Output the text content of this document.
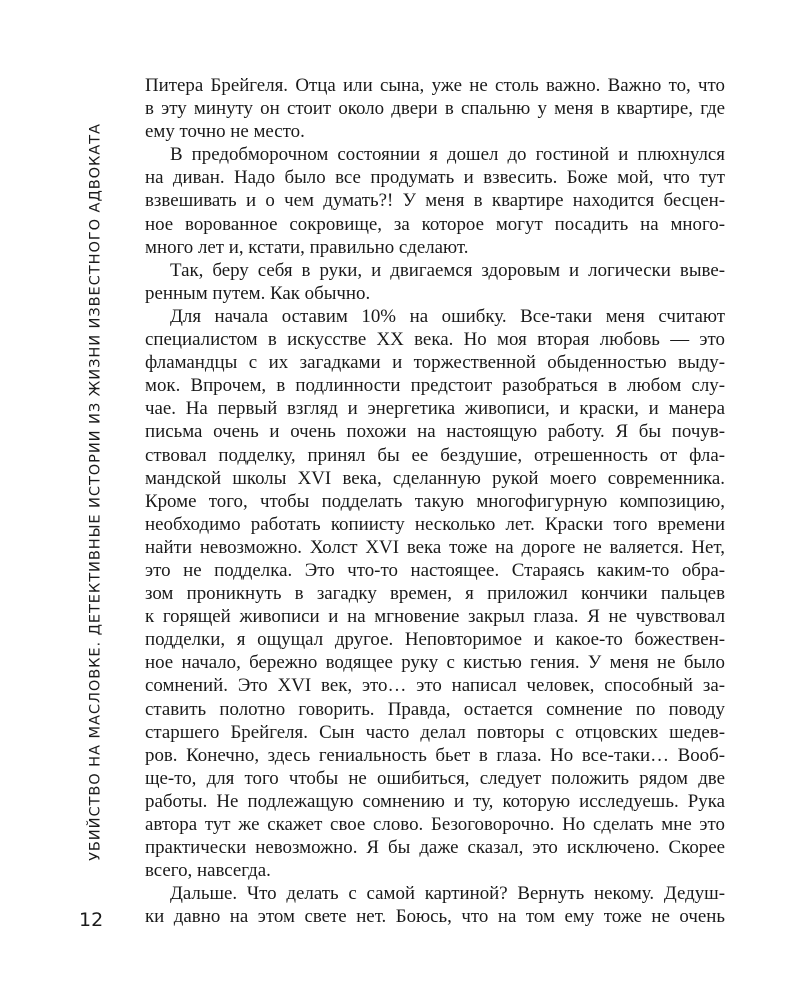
УБИЙСТВО НА МАСЛОВКЕ. ДЕТЕКТИВНЫЕ ИСТОРИИ ИЗ ЖИЗНИ ИЗВЕСТНОГО АДВОКАТА
12
Питера Брейгеля. Отца или сына, уже не столь важно. Важно то, что
в эту минуту он стоит около двери в спальню у меня в квартире, где
ему точно не место.
В предобморочном состоянии я дошел до гостиной и плюхнулся
на диван. Надо было все продумать и взвесить. Боже мой, что тут
взвешивать и о чем думать?! У меня в квартире находится бесцен-
ное ворованное сокровище, за которое могут посадить на много-
много лет и, кстати, правильно сделают.
Так, беру себя в руки, и двигаемся здоровым и логически выве-
ренным путем. Как обычно.
Для начала оставим 10% на ошибку. Все-таки меня считают
специалистом в искусстве XX века. Но моя вторая любовь — это
фламандцы с их загадками и торжественной обыденностью выду-
мок. Впрочем, в подлинности предстоит разобраться в любом слу-
чае. На первый взгляд и энергетика живописи, и краски, и манера
письма очень и очень похожи на настоящую работу. Я бы почув-
ствовал подделку, принял бы ее бездушие, отрешенность от фла-
мандской школы XVI века, сделанную рукой моего современника.
Кроме того, чтобы подделать такую многофигурную композицию,
необходимо работать копиисту несколько лет. Краски того времени
найти невозможно. Холст XVI века тоже на дороге не валяется. Нет,
это не подделка. Это что-то настоящее. Стараясь каким-то обра-
зом проникнуть в загадку времен, я приложил кончики пальцев
к горящей живописи и на мгновение закрыл глаза. Я не чувствовал
подделки, я ощущал другое. Неповторимое и какое-то божествен-
ное начало, бережно водящее руку с кистью гения. У меня не было
сомнений. Это XVI век, это… это написал человек, способный за-
ставить полотно говорить. Правда, остается сомнение по поводу
старшего Брейгеля. Сын часто делал повторы с отцовских шедев-
ров. Конечно, здесь гениальность бьет в глаза. Но все-таки… Вооб-
ще-то, для того чтобы не ошибиться, следует положить рядом две
работы. Не подлежащую сомнению и ту, которую исследуешь. Рука
автора тут же скажет свое слово. Безоговорочно. Но сделать мне это
практически невозможно. Я бы даже сказал, это исключено. Скорее
всего, навсегда.
Дальше. Что делать с самой картиной? Вернуть некому. Дедуш-
ки давно на этом свете нет. Боюсь, что на том ему тоже не очень
